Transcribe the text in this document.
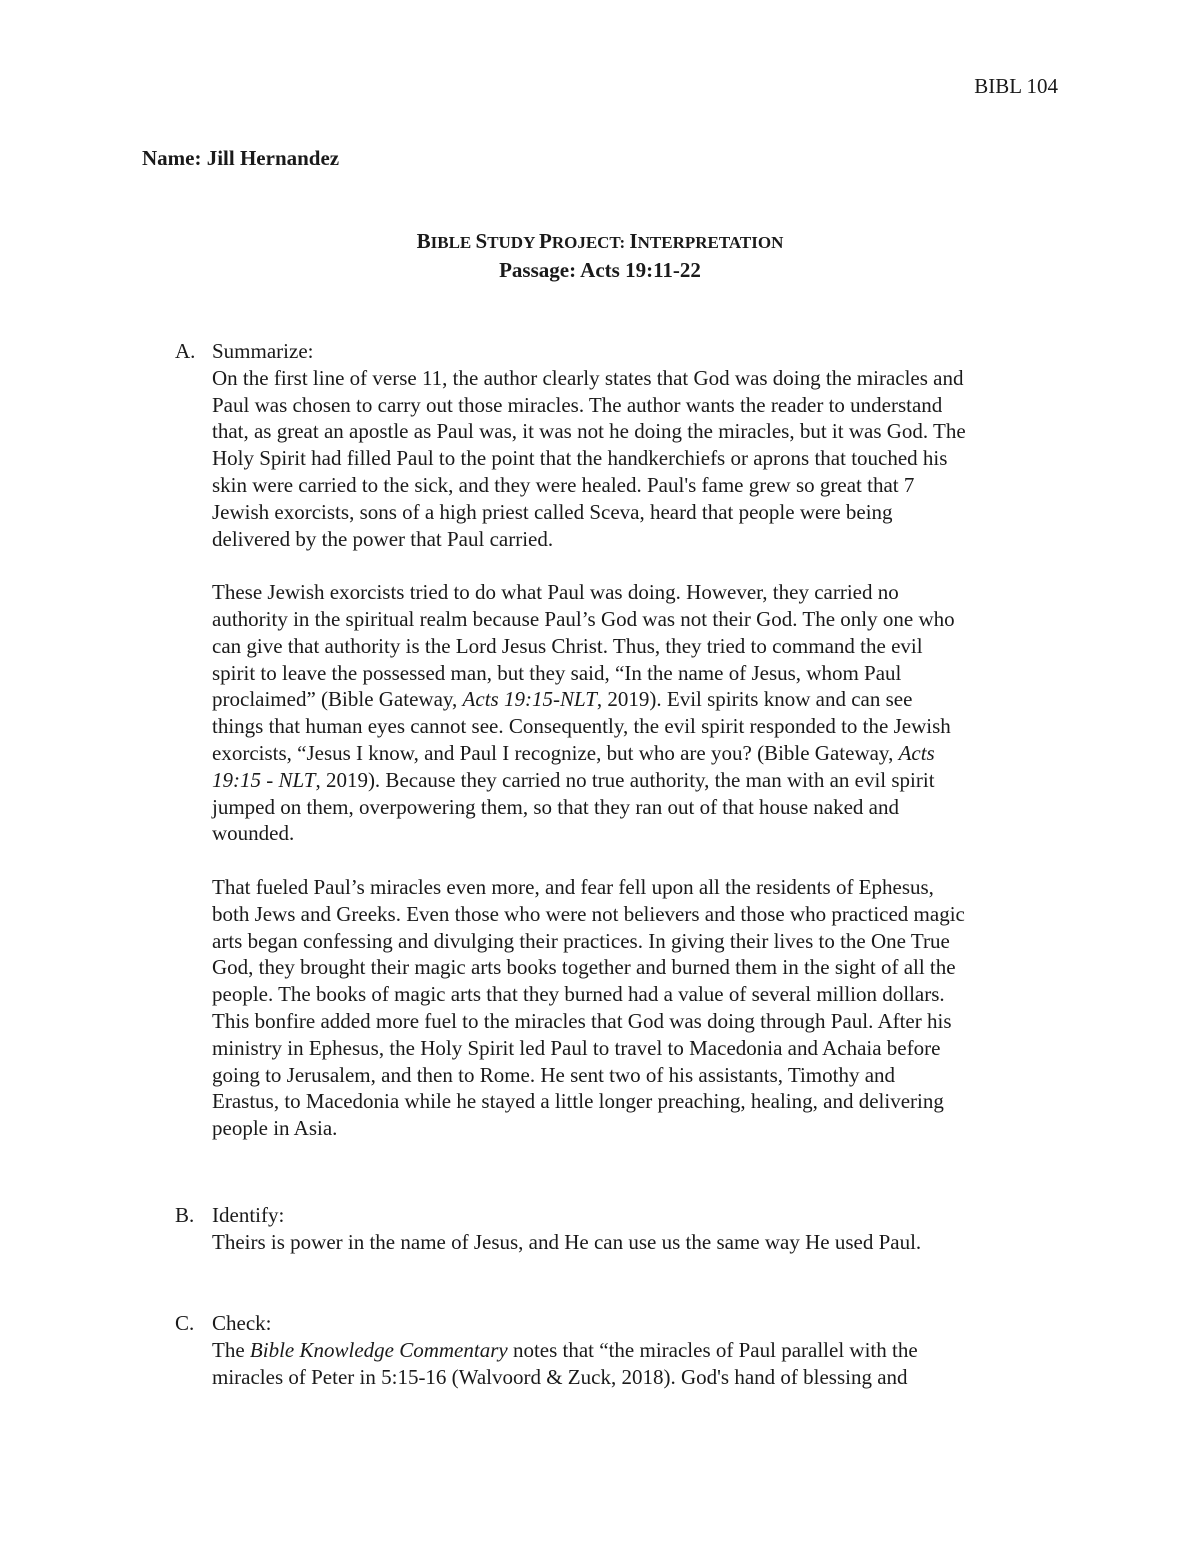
BIBL 104
Name: Jill Hernandez
BIBLE STUDY PROJECT: INTERPRETATION
Passage: Acts 19:11-22
A. Summarize:
On the first line of verse 11, the author clearly states that God was doing the miracles and
Paul was chosen to carry out those miracles. The author wants the reader to understand
that, as great an apostle as Paul was, it was not he doing the miracles, but it was God. The
Holy Spirit had filled Paul to the point that the handkerchiefs or aprons that touched his
skin were carried to the sick, and they were healed. Paul's fame grew so great that 7
Jewish exorcists, sons of a high priest called Sceva, heard that people were being
delivered by the power that Paul carried.
These Jewish exorcists tried to do what Paul was doing. However, they carried no
authority in the spiritual realm because Paul’s God was not their God. The only one who
can give that authority is the Lord Jesus Christ. Thus, they tried to command the evil
spirit to leave the possessed man, but they said, “In the name of Jesus, whom Paul
proclaimed” (Bible Gateway, Acts 19:15-NLT, 2019). Evil spirits know and can see
things that human eyes cannot see. Consequently, the evil spirit responded to the Jewish
exorcists, “Jesus I know, and Paul I recognize, but who are you? (Bible Gateway, Acts
19:15 - NLT, 2019). Because they carried no true authority, the man with an evil spirit
jumped on them, overpowering them, so that they ran out of that house naked and
wounded.
That fueled Paul’s miracles even more, and fear fell upon all the residents of Ephesus,
both Jews and Greeks. Even those who were not believers and those who practiced magic
arts began confessing and divulging their practices. In giving their lives to the One True
God, they brought their magic arts books together and burned them in the sight of all the
people. The books of magic arts that they burned had a value of several million dollars.
This bonfire added more fuel to the miracles that God was doing through Paul. After his
ministry in Ephesus, the Holy Spirit led Paul to travel to Macedonia and Achaia before
going to Jerusalem, and then to Rome. He sent two of his assistants, Timothy and
Erastus, to Macedonia while he stayed a little longer preaching, healing, and delivering
people in Asia.
B. Identify:
Theirs is power in the name of Jesus, and He can use us the same way He used Paul.
C. Check:
The Bible Knowledge Commentary notes that “the miracles of Paul parallel with the
miracles of Peter in 5:15-16 (Walvoord & Zuck, 2018). God's hand of blessing and
